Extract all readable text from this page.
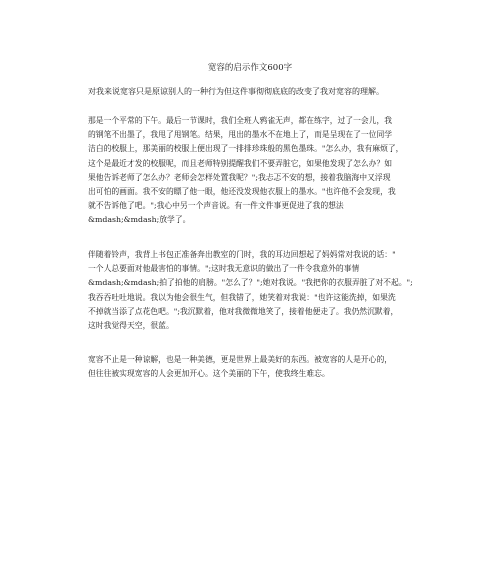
宽容的启示作文600字
对我来说宽容只是原谅别人的一种行为但这件事彻彻底底的改变了我对宽容的理解。
那是一个平常的下午。最后一节课时，我们全班人鸦雀无声，都在练字，过了一会儿，我
的钢笔不出墨了，我甩了甩钢笔。结果，甩出的墨水不在地上了，而是呈现在了一位同学
洁白的校服上，那美丽的校服上便出现了一排排珍珠般的黑色墨珠。"怎么办，我有麻烦了，
这个是最近才发的校服呢，而且老师特别提醒我们不要弄脏它，如果他发现了怎么办？如
果他告诉老师了怎么办？老师会怎样处置我呢？";我忐忑不安的想，接着我脑海中又浮现
出可怕的画面。我不安的瞟了他一眼，他还没发现他衣服上的墨水。"也许他不会发现，我
就不告诉他了吧。";我心中另一个声音说。有一件文件事更促进了我的想法
&mdash;&mdash;放学了。
伴随着铃声，我背上书包正准备奔出教室的门时，我的耳边回想起了妈妈常对我说的话："
一个人总要面对他最害怕的事情。";这时我无意识的做出了一件令我意外的事情
&mdash;&mdash;拍了拍他的肩膀。"怎么了？";她对我说。"我把你的衣服弄脏了对不起。";
我吞吞吐吐地说。我以为他会很生气，但我错了，她笑着对我说："也许这能洗掉，如果洗
不掉就当添了点花色吧。";我沉默着，他对我微微地笑了，接着他便走了。我仍然沉默着，
这时我觉得天空，很蓝。
宽容不止是一种谅解，也是一种美德，更是世界上最美好的东西。被宽容的人是开心的，
但往往被实现宽容的人会更加开心。这个美丽的下午，使我终生难忘。
